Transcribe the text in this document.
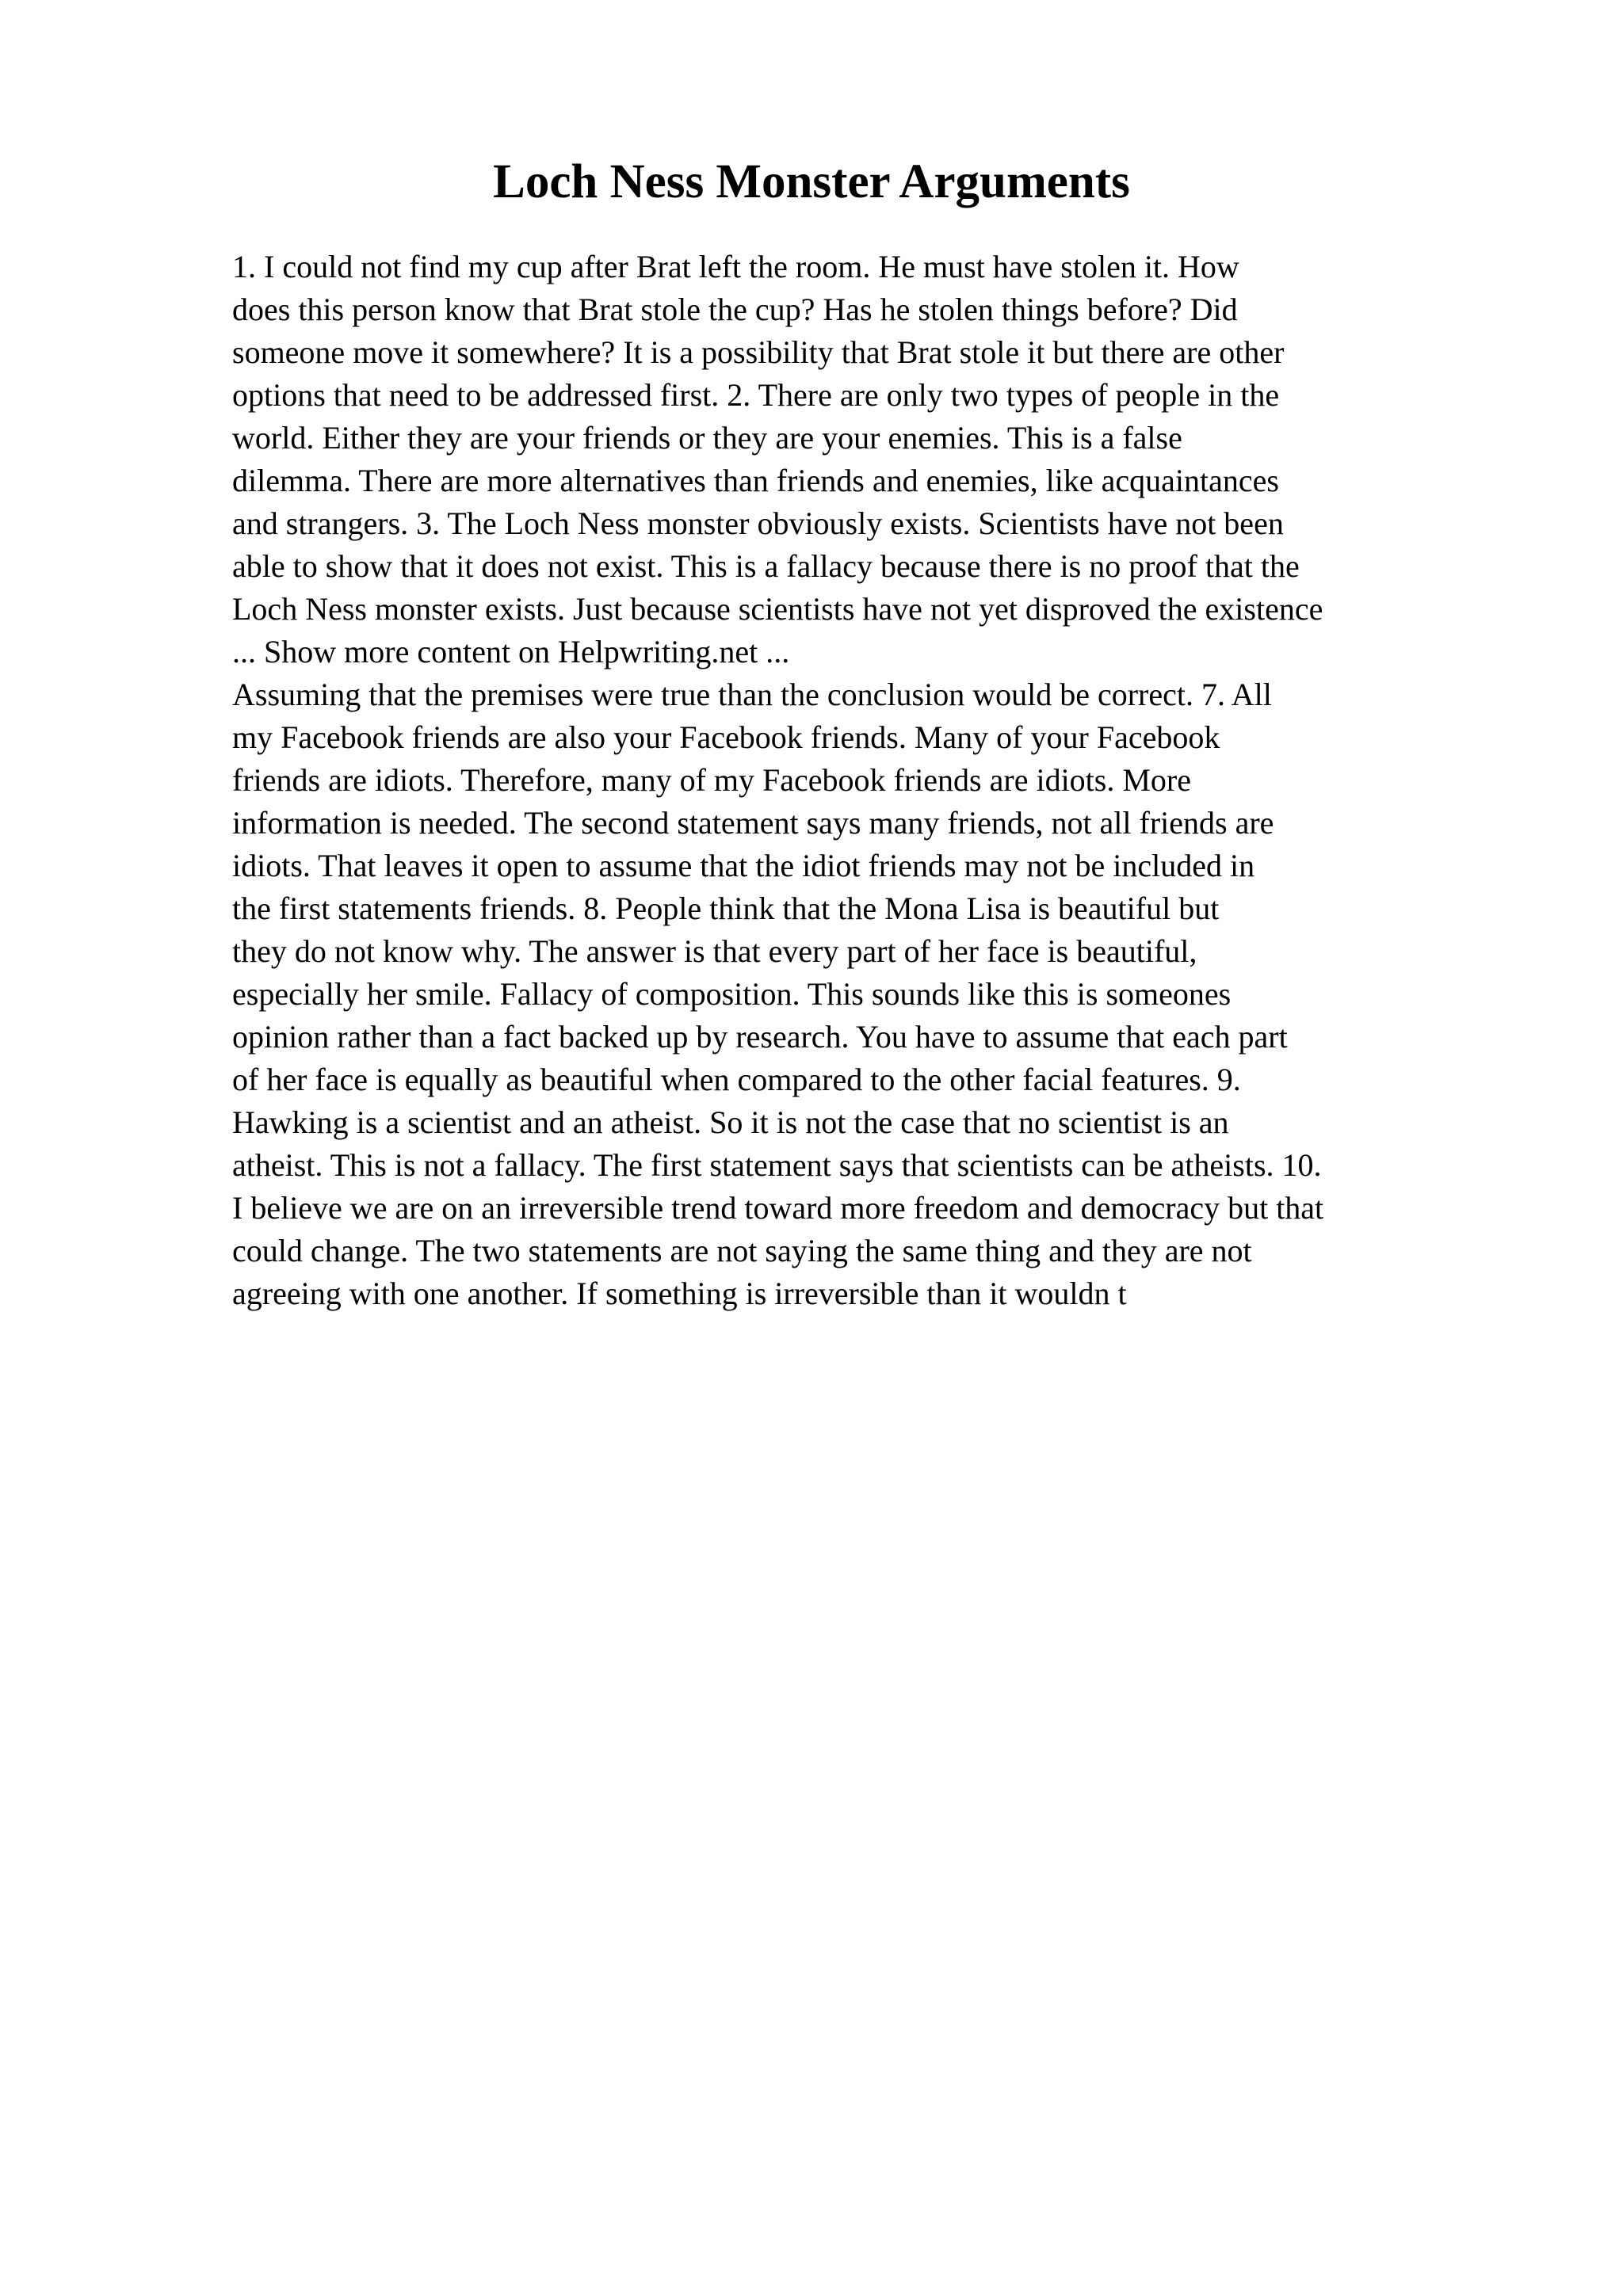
Loch Ness Monster Arguments
1. I could not find my cup after Brat left the room. He must have stolen it. How
does this person know that Brat stole the cup? Has he stolen things before? Did
someone move it somewhere? It is a possibility that Brat stole it but there are other
options that need to be addressed first. 2. There are only two types of people in the
world. Either they are your friends or they are your enemies. This is a false
dilemma. There are more alternatives than friends and enemies, like acquaintances
and strangers. 3. The Loch Ness monster obviously exists. Scientists have not been
able to show that it does not exist. This is a fallacy because there is no proof that the
Loch Ness monster exists. Just because scientists have not yet disproved the existence
... Show more content on Helpwriting.net ...
Assuming that the premises were true than the conclusion would be correct. 7. All
my Facebook friends are also your Facebook friends. Many of your Facebook
friends are idiots. Therefore, many of my Facebook friends are idiots. More
information is needed. The second statement says many friends, not all friends are
idiots. That leaves it open to assume that the idiot friends may not be included in
the first statements friends. 8. People think that the Mona Lisa is beautiful but
they do not know why. The answer is that every part of her face is beautiful,
especially her smile. Fallacy of composition. This sounds like this is someones
opinion rather than a fact backed up by research. You have to assume that each part
of her face is equally as beautiful when compared to the other facial features. 9.
Hawking is a scientist and an atheist. So it is not the case that no scientist is an
atheist. This is not a fallacy. The first statement says that scientists can be atheists. 10.
I believe we are on an irreversible trend toward more freedom and democracy but that
could change. The two statements are not saying the same thing and they are not
agreeing with one another. If something is irreversible than it wouldn t
